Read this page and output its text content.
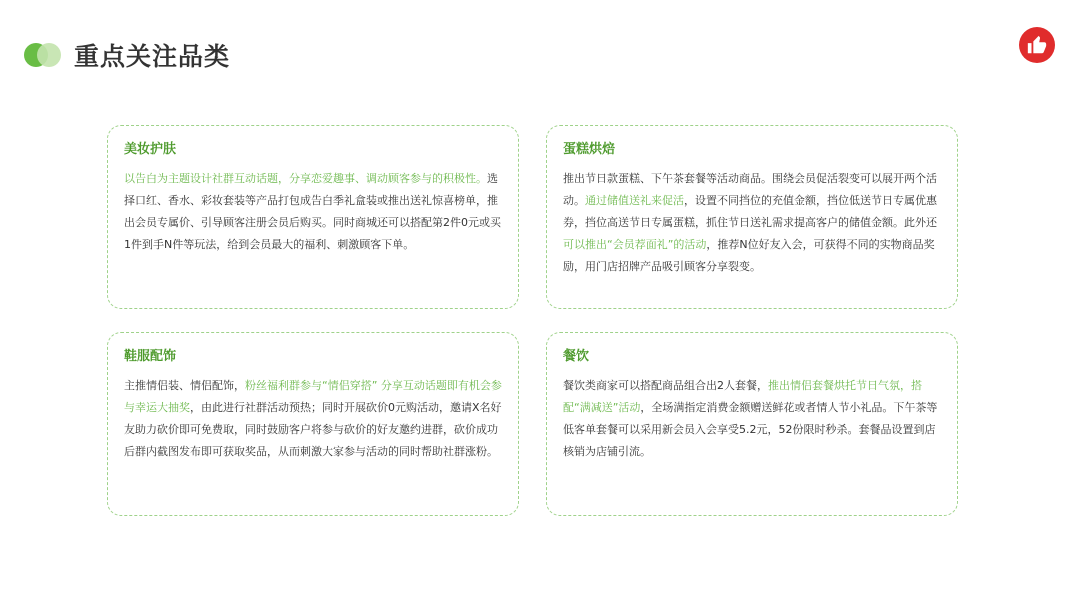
重点关注品类
美妆护肤

以告白为主题设计社群互动话题，分享恋爱趣事、调动顾客参与的积极性。选择口红、香水、彩妆套装等产品打包成告白季礼盒装或推出送礼惊喜榜单，推出会员专属价、引导顾客注册会员后购买。同时商城还可以搭配第2件0元或买1件到手N件等玩法，给到会员最大的福利、刺激顾客下单。

蛋糕烘焙

推出节日款蛋糕、下午茶套餐等活动商品。围绕会员促活裂变可以展开两个活动。通过储值送礼来促活，设置不同挡位的充值金额，挡位低送节日专属优惠券，挡位高送节日专属蛋糕，抓住节日送礼需求提高客户的储值金额。此外还可以推出“会员荐面礼”的活动，推荐N位好友入会，可获得不同的实物商品奖励，用门店招牌产品吸引顾客分享裂变。

鞋服配饰

主推情侣装、情侣配饰，粉丝福利群参与“情侣穿搭” 分享互动话题即有机会参与幸运大抽奖，由此进行社群活动预热；同时开展砍价0元购活动，邀请X名好友助力砍价即可免费取，同时鼓励客户将参与砍价的好友邀约进群，砍价成功后群内截图发布即可获取奖品，从而刺激大家参与活动的同时帮助社群涨粉。

餐饮

餐饮类商家可以搭配商品组合出2人套餐，推出情侣套餐烘托节日气氛，搭配“满减送”活动，全场满指定消费金额赠送鲜花或者情人节小礼品。下午茶等低客单套餐可以采用新会员入会享受5.2元，52份限时秒杀。套餐品设置到店核销为店铺引流。
